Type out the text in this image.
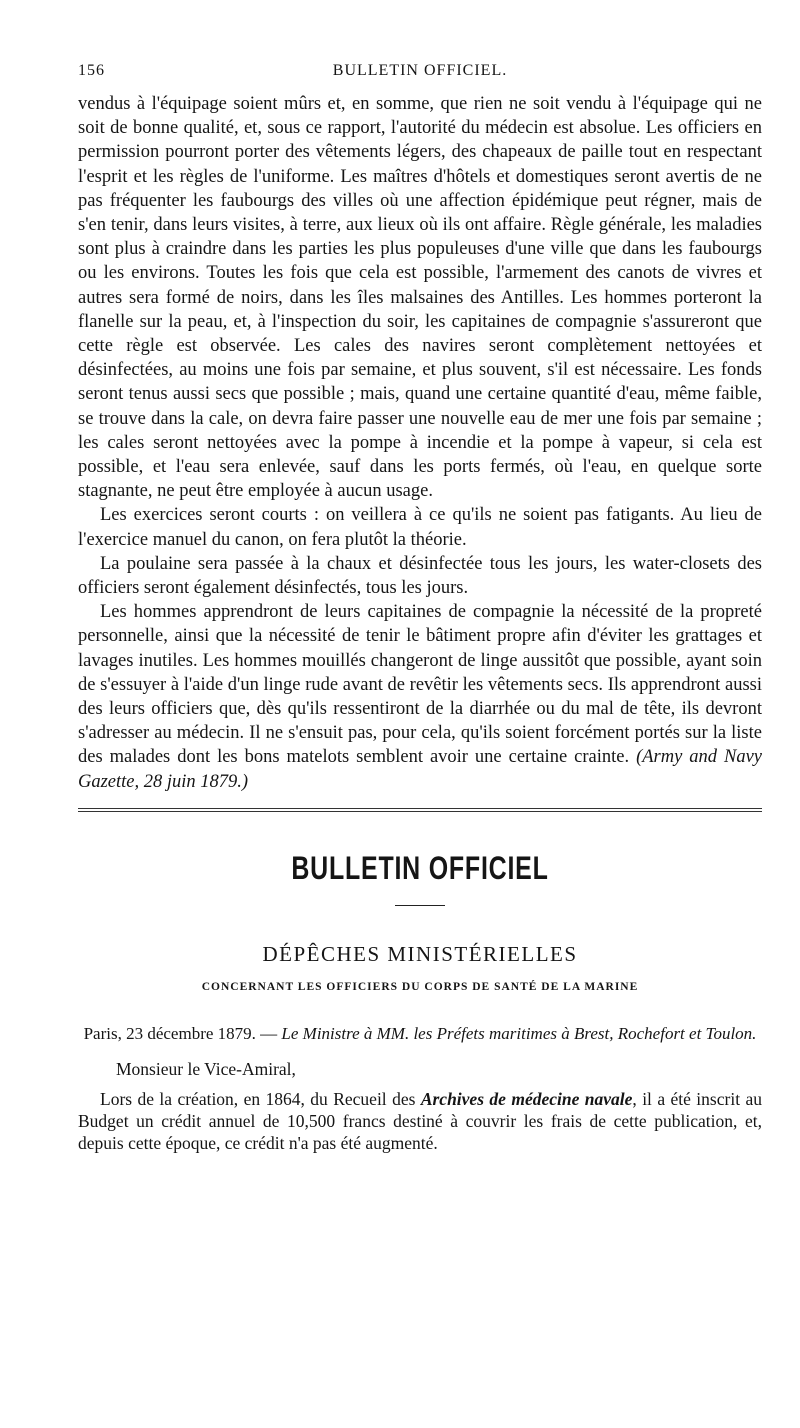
156	BULLETIN OFFICIEL.

vendus à l'équipage soient mûrs et, en somme, que rien ne soit vendu à l'équipage qui ne soit de bonne qualité, et, sous ce rapport, l'autorité du médecin est absolue. Les officiers en permission pourront porter des vêtements légers, des chapeaux de paille tout en respectant l'esprit et les règles de l'uniforme. Les maîtres d'hôtels et domestiques seront avertis de ne pas fréquenter les faubourgs des villes où une affection épidémique peut régner, mais de s'en tenir, dans leurs visites, à terre, aux lieux où ils ont affaire. Règle générale, les maladies sont plus à craindre dans les parties les plus populeuses d'une ville que dans les faubourgs ou les environs. Toutes les fois que cela est possible, l'armement des canots de vivres et autres sera formé de noirs, dans les îles malsaines des Antilles. Les hommes porteront la flanelle sur la peau, et, à l'inspection du soir, les capitaines de compagnie s'assureront que cette règle est observée. Les cales des navires seront complètement nettoyées et désinfectées, au moins une fois par semaine, et plus souvent, s'il est nécessaire. Les fonds seront tenus aussi secs que possible ; mais, quand une certaine quantité d'eau, même faible, se trouve dans la cale, on devra faire passer une nouvelle eau de mer une fois par semaine ; les cales seront nettoyées avec la pompe à incendie et la pompe à vapeur, si cela est possible, et l'eau sera enlevée, sauf dans les ports fermés, où l'eau, en quelque sorte stagnante, ne peut être employée à aucun usage.

Les exercices seront courts : on veillera à ce qu'ils ne soient pas fatigants. Au lieu de l'exercice manuel du canon, on fera plutôt la théorie.

La poulaine sera passée à la chaux et désinfectée tous les jours, les water-closets des officiers seront également désinfectés, tous les jours.

Les hommes apprendront de leurs capitaines de compagnie la nécessité de la propreté personnelle, ainsi que la nécessité de tenir le bâtiment propre afin d'éviter les grattages et lavages inutiles. Les hommes mouillés changeront de linge aussitôt que possible, ayant soin de s'essuyer à l'aide d'un linge rude avant de revêtir les vêtements secs. Ils apprendront aussi des leurs officiers que, dès qu'ils ressentiront de la diarrhée ou du mal de tête, ils devront s'adresser au médecin. Il ne s'ensuit pas, pour cela, qu'ils soient forcément portés sur la liste des malades dont les bons matelots semblent avoir une certaine crainte. (Army and Navy Gazette, 28 juin 1879.)

BULLETIN OFFICIEL
DÉPÊCHES MINISTÉRIELLES
CONCERNANT LES OFFICIERS DU CORPS DE SANTÉ DE LA MARINE
Paris, 23 décembre 1879. — Le Ministre à MM. les Préfets maritimes à Brest, Rochefort et Toulon.
Monsieur le Vice-Amiral,
Lors de la création, en 1864, du Recueil des Archives de médecine navale, il a été inscrit au Budget un crédit annuel de 10,500 francs destiné à couvrir les frais de cette publication, et, depuis cette époque, ce crédit n'a pas été augmenté.
